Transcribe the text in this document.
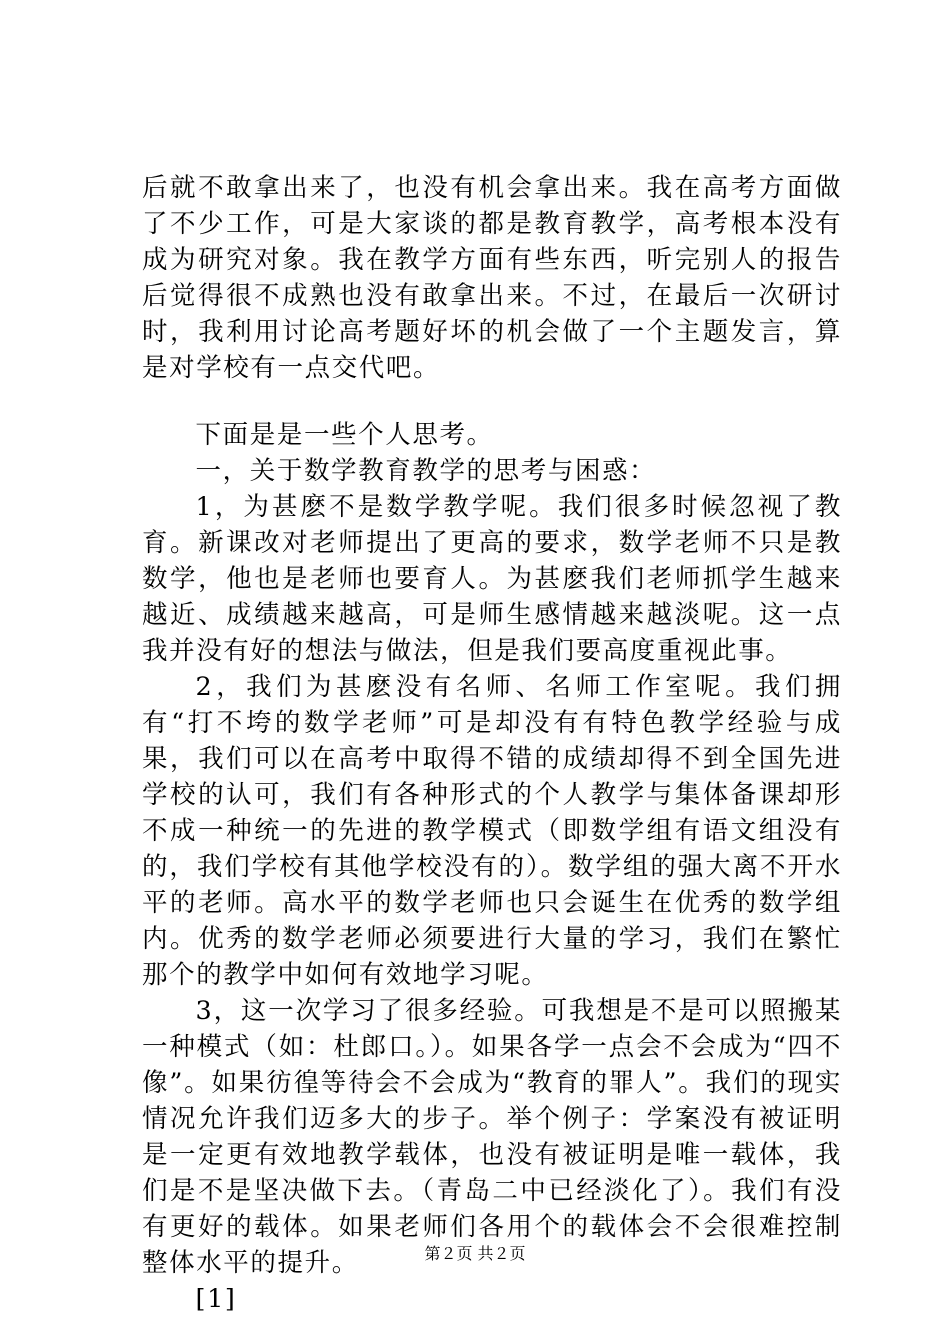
后就不敢拿出来了，也没有机会拿出来。我在高考方面做了不少工作，可是大家谈的都是教育教学，高考根本没有成为研究对象。我在教学方面有些东西，听完别人的报告后觉得很不成熟也没有敢拿出来。不过，在最后一次研讨时，我利用讨论高考题好坏的机会做了一个主题发言，算是对学校有一点交代吧。

下面是是一些个人思考。

一，关于数学教育教学的思考与困惑：

1，为甚麽不是数学教学呢。我们很多时候忽视了教育。新课改对老师提出了更高的要求，数学老师不只是教数学，他也是老师也要育人。为甚麽我们老师抓学生越来越近、成绩越来越高，可是师生感情越来越淡呢。这一点我并没有好的想法与做法，但是我们要高度重视此事。

2，我们为甚麽没有名师、名师工作室呢。我们拥有“打不垮的数学老师”可是却没有有特色教学经验与成果，我们可以在高考中取得不错的成绩却得不到全国先进学校的认可，我们有各种形式的个人教学与集体备课却形不成一种统一的先进的教学模式（即数学组有语文组没有的，我们学校有其他学校没有的）。数学组的强大离不开水平的老师。高水平的数学老师也只会诞生在优秀的数学组内。优秀的数学老师必须要进行大量的学习，我们在繁忙那个的教学中如何有效地学习呢。

3，这一次学习了很多经验。可我想是不是可以照搬某一种模式（如：杜郎口。）。如果各学一点会不会成为“四不像”。如果彷徨等待会不会成为“教育的罪人”。我们的现实情况允许我们迈多大的步子。举个例子：学案没有被证明是一定更有效地教学载体，也没有被证明是唯一载体，我们是不是坚决做下去。（青岛二中已经淡化了）。我们有没有更好的载体。如果老师们各用个的载体会不会很难控制整体水平的提升。

[1]

第２页 共２页
